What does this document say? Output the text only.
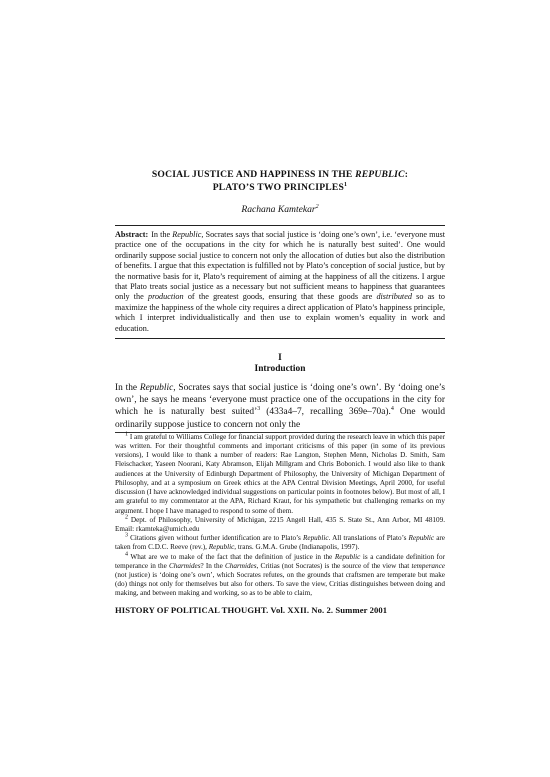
SOCIAL JUSTICE AND HAPPINESS IN THE REPUBLIC:
PLATO’S TWO PRINCIPLES$^1$
Rachana Kamtekar$^2$
Abstract: In the Republic, Socrates says that social justice is ‘doing one’s own’, i.e. ‘everyone must practice one of the occupations in the city for which he is naturally best suited’. One would ordinarily suppose social justice to concern not only the allocation of duties but also the distribution of benefits. I argue that this expectation is fulfilled not by Plato’s conception of social justice, but by the normative basis for it, Plato’s requirement of aiming at the happiness of all the citizens. I argue that Plato treats social justice as a necessary but not sufficient means to happiness that guarantees only the production of the greatest goods, ensuring that these goods are distributed so as to maximize the happiness of the whole city requires a direct application of Plato’s happiness principle, which I interpret individualistically and then use to explain women’s equality in work and education.
I
Introduction
In the Republic, Socrates says that social justice is ‘doing one’s own’. By ‘doing one’s own’, he says he means ‘everyone must practice one of the occupations in the city for which he is naturally best suited’$^3$ (433a4–7, recalling 369e–70a).$^4$ One would ordinarily suppose justice to concern not only the

$^1$ I am grateful to Williams College for financial support provided during the research leave in which this paper was written. For their thoughtful comments and important criticisms of this paper (in some of its previous versions), I would like to thank a number of readers: Rae Langton, Stephen Menn, Nicholas D. Smith, Sam Fleischacker, Yaseen Noorani, Katy Abramson, Elijah Millgram and Chris Bobonich. I would also like to thank audiences at the University of Edinburgh Department of Philosophy, the University of Michigan Department of Philosophy, and at a symposium on Greek ethics at the APA Central Division Meetings, April 2000, for useful discussion (I have acknowledged individual suggestions on particular points in footnotes below). But most of all, I am grateful to my commentator at the APA, Richard Kraut, for his sympathetic but challenging remarks on my argument. I hope I have managed to respond to some of them.

$^2$ Dept. of Philosophy, University of Michigan, 2215 Angell Hall, 435 S. State St., Ann Arbor, MI 48109. Email: rkamteka@umich.edu

$^3$ Citations given without further identification are to Plato’s Republic. All translations of Plato’s Republic are taken from C.D.C. Reeve (rev.), Republic, trans. G.M.A. Grube (Indianapolis, 1997).

$^4$ What are we to make of the fact that the definition of justice in the Republic is a candidate definition for temperance in the Charmides? In the Charmides, Critias (not Socrates) is the source of the view that temperance (not justice) is ‘doing one’s own’, which Socrates refutes, on the grounds that craftsmen are temperate but make (do) things not only for themselves but also for others. To save the view, Critias distinguishes between doing and making, and between making and working, so as to be able to claim,

HISTORY OF POLITICAL THOUGHT. Vol. XXII. No. 2. Summer 2001
